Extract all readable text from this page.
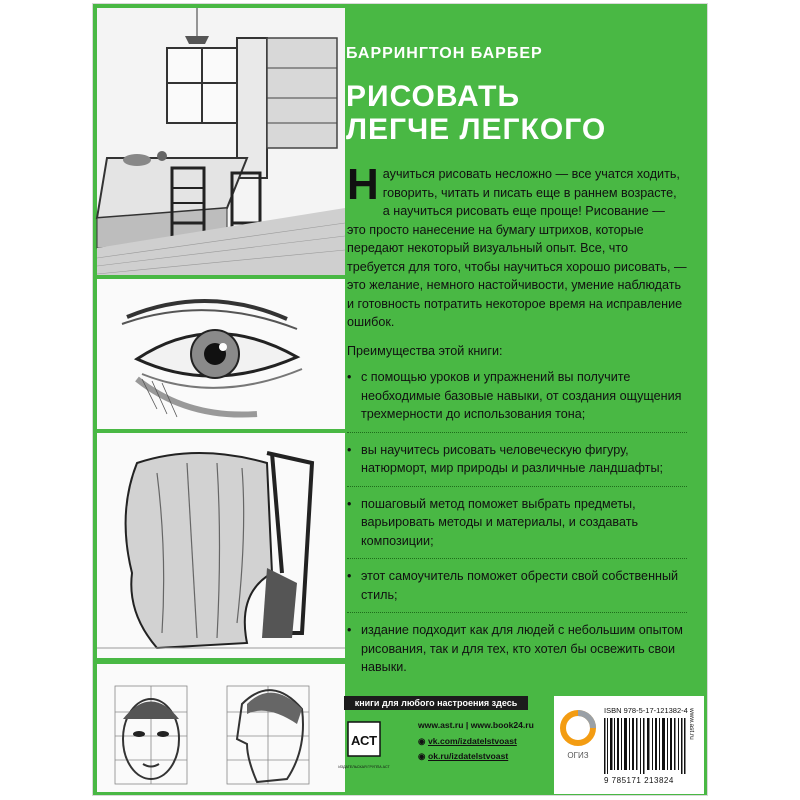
БАРРИНГТОН БАРБЕР

РИСОВАТЬ
ЛЕГЧЕ ЛЕГКОГО

Научиться рисовать несложно — все учатся ходить, говорить, читать и писать еще в раннем возрасте, а научиться рисовать еще проще! Рисование — это просто нанесение на бумагу штрихов, которые передают некоторый визуальный опыт. Все, что требуется для того, чтобы научиться хорошо рисовать, — это желание, немного настойчивости, умение наблюдать и готовность потратить некоторое время на исправление ошибок.

Преимущества этой книги:

• с помощью уроков и упражнений вы получите необходимые базовые навыки, от создания ощущения трехмерности до использования тона;
• вы научитесь рисовать человеческую фигуру, натюрморт, мир природы и различные ландшафты;
• пошаговый метод поможет выбрать предметы, варьировать методы и материалы, и создавать композиции;
• этот самоучитель поможет обрести свой собственный стиль;
• издание подходит как для людей с небольшим опытом рисования, так и для тех, кто хотел бы освежить свои навыки.
книги для любого настроения здесь
АСТ
ИЗДАТЕЛЬСКАЯ ГРУППА АСТ
www.ast.ru | www.book24.ru
◉ vk.com/izdatelstvoast
◉ ok.ru/izdatelstvoast	ОГИЗ
ISBN 978-5-17-121382-4
9 785171 213824
www.ast.ru
